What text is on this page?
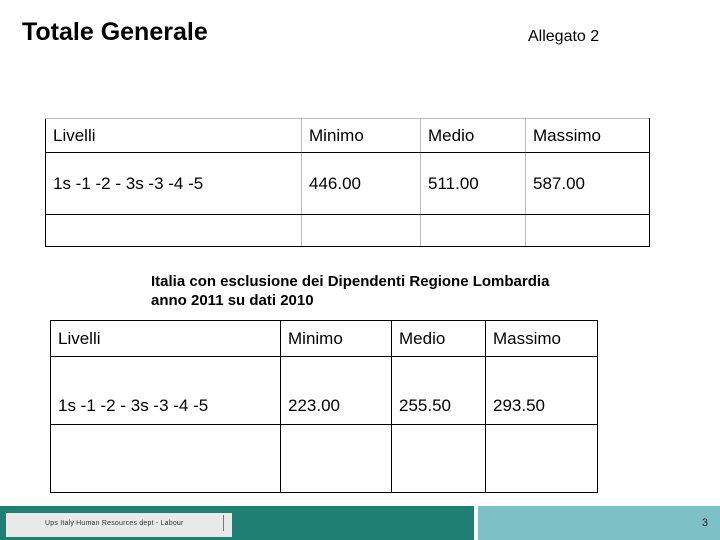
Totale Generale	Allegato 2
Livelli	Minimo	Medio	Massimo
1s -1 -2 - 3s -3 -4 -5	446.00	511.00	587.00

Italia con esclusione dei Dipendenti Regione Lombardia
anno 2011 su dati 2010
Livelli	Minimo	Medio	Massimo
1s -1 -2 - 3s -3 -4 -5	223.00	255.50	293.50

Ups Italy Human Resources dept - Labour	3
